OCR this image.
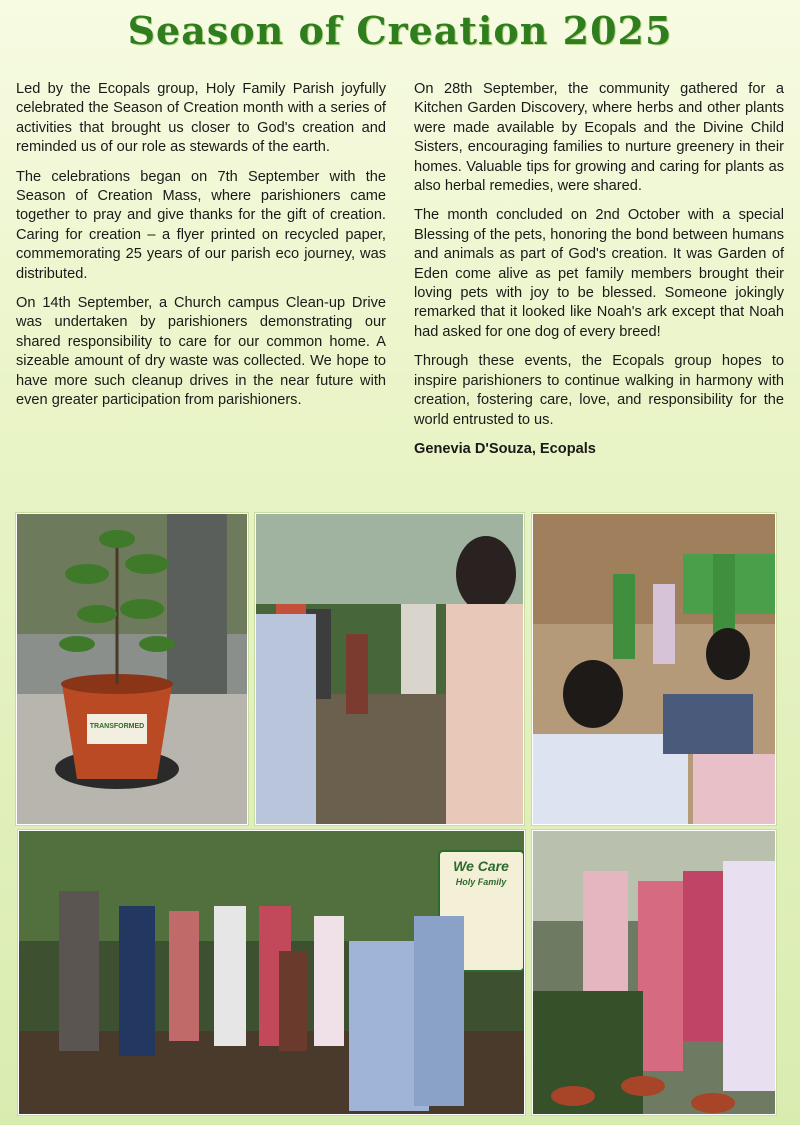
Season of Creation 2025

Led by the Ecopals group, Holy Family Parish joyfully celebrated the Season of Creation month with a series of activities that brought us closer to God's creation and reminded us of our role as stewards of the earth.

The celebrations began on 7th September with the Season of Creation Mass, where parishioners came together to pray and give thanks for the gift of creation. Caring for creation – a flyer printed on recycled paper, commemorating 25 years of our parish eco journey, was distributed.

On 14th September, a Church campus Clean-up Drive was undertaken by parishioners demonstrating our shared responsibility to care for our common home. A sizeable amount of dry waste was collected. We hope to have more such cleanup drives in the near future with even greater participation from parishioners.

On 28th September, the community gathered for a Kitchen Garden Discovery, where herbs and other plants were made available by Ecopals and the Divine Child Sisters, encouraging families to nurture greenery in their homes. Valuable tips for growing and caring for plants as also herbal remedies, were shared.

The month concluded on 2nd October with a special Blessing of the pets, honoring the bond between humans and animals as part of God's creation. It was Garden of Eden come alive as pet family members brought their loving pets with joy to be blessed. Someone jokingly remarked that it looked like Noah's ark except that Noah had asked for one dog of every breed!

Through these events, the Ecopals group hopes to inspire parishioners to continue walking in harmony with creation, fostering care, love, and responsibility for the world entrusted to us.

Genevia D'Souza, Ecopals
TRANSFORMED
We Care
Holy Family
